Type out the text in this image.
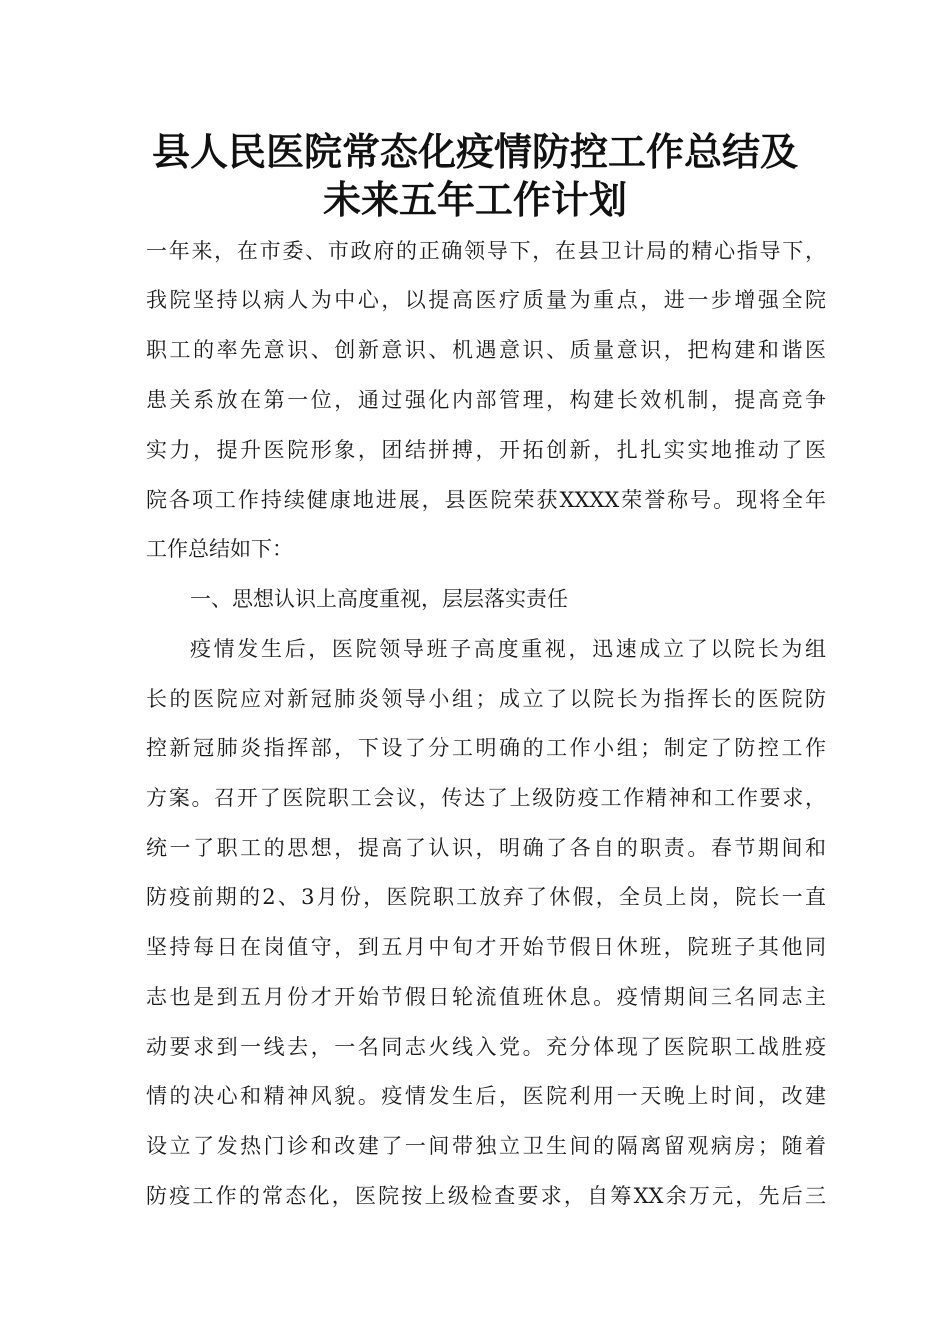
县人民医院常态化疫情防控工作总结及
未来五年工作计划
一年来，在市委、市政府的正确领导下，在县卫计局的精心指导下，
我院坚持以病人为中心，以提高医疗质量为重点，进一步增强全院
职工的率先意识、创新意识、机遇意识、质量意识，把构建和谐医
患关系放在第一位，通过强化内部管理，构建长效机制，提高竞争
实力，提升医院形象，团结拼搏，开拓创新，扎扎实实地推动了医
院各项工作持续健康地进展，县医院荣获XXXX荣誉称号。现将全年
工作总结如下：
一、思想认识上高度重视，层层落实责任
疫情发生后，医院领导班子高度重视，迅速成立了以院长为组
长的医院应对新冠肺炎领导小组；成立了以院长为指挥长的医院防
控新冠肺炎指挥部，下设了分工明确的工作小组；制定了防控工作
方案。召开了医院职工会议，传达了上级防疫工作精神和工作要求，
统一了职工的思想，提高了认识，明确了各自的职责。春节期间和
防疫前期的2、3月份，医院职工放弃了休假，全员上岗，院长一直
坚持每日在岗值守，到五月中旬才开始节假日休班，院班子其他同
志也是到五月份才开始节假日轮流值班休息。疫情期间三名同志主
动要求到一线去，一名同志火线入党。充分体现了医院职工战胜疫
情的决心和精神风貌。疫情发生后，医院利用一天晚上时间，改建
设立了发热门诊和改建了一间带独立卫生间的隔离留观病房；随着
防疫工作的常态化，医院按上级检查要求，自筹XX余万元，先后三
